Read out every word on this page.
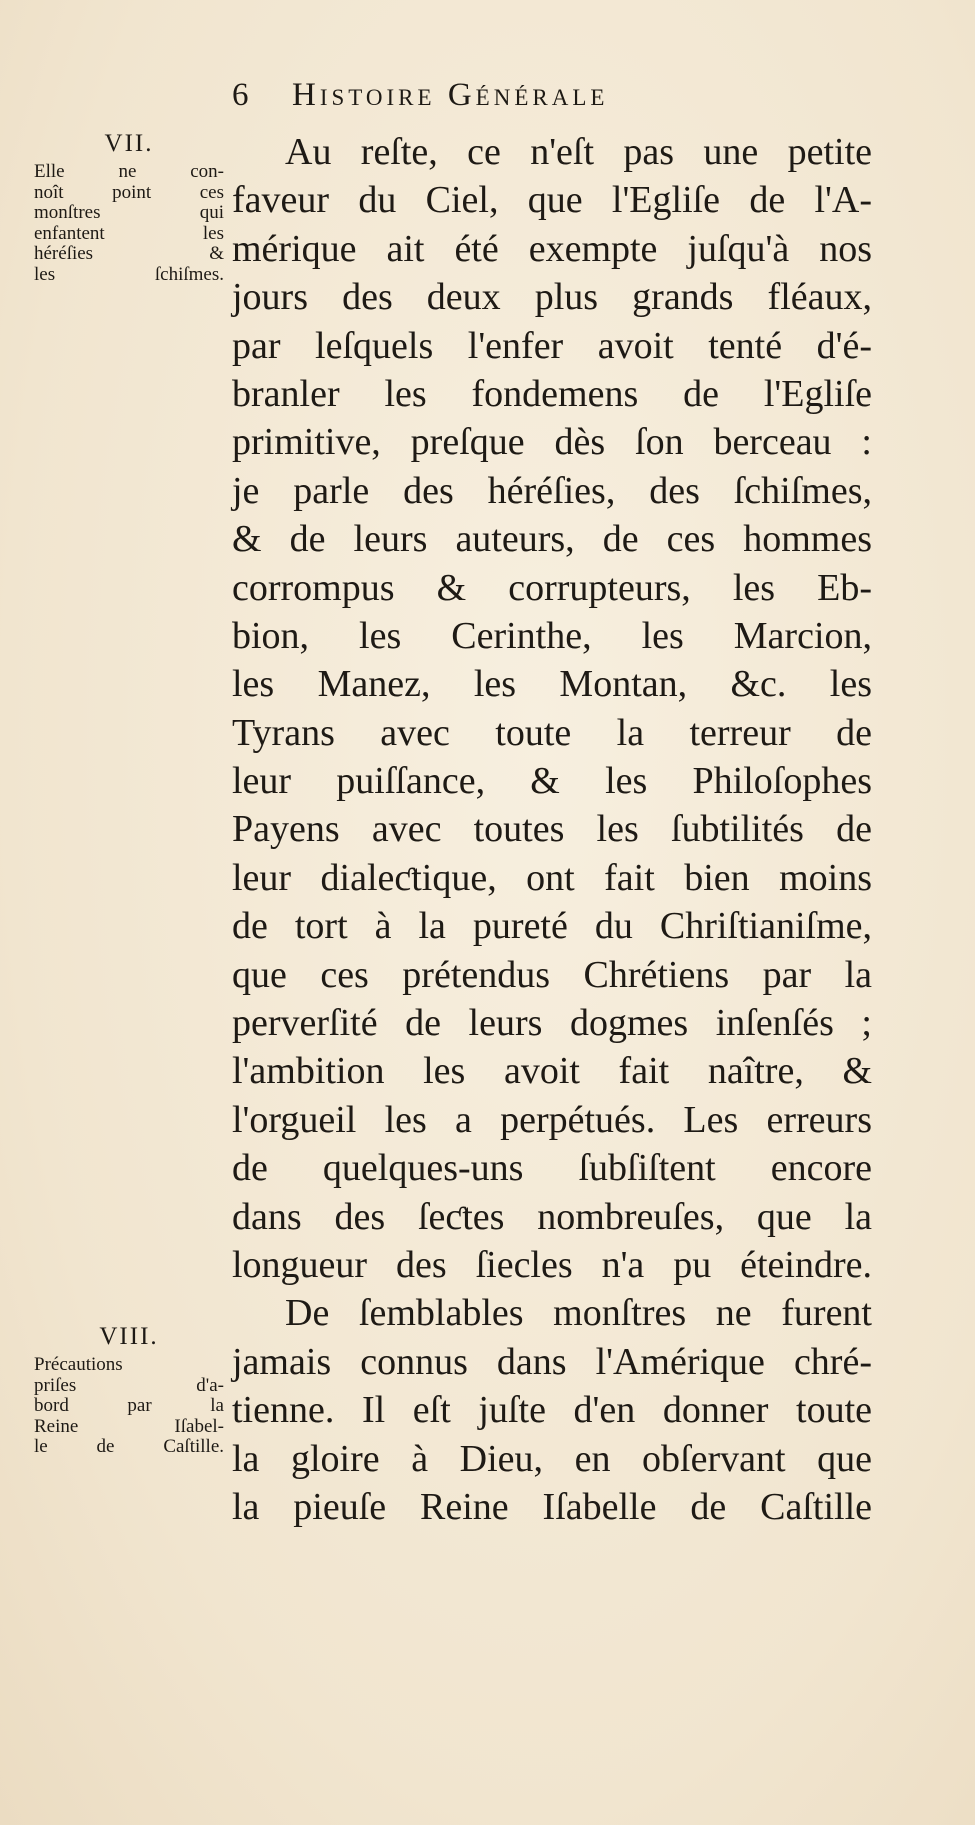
6 Histoire Générale
VII.
Elle ne con-
noît point ces
monſtres qui
enfantent les
héréſies &
les ſchiſmes.
VIII.
Précautions
priſes d'a-
bord par la
Reine Iſabel-
le de Caſtille.
Au reſte, ce n'eſt pas une petite
faveur du Ciel, que l'Egliſe de l'A-
mérique ait été exempte juſqu'à nos
jours des deux plus grands fléaux,
par leſquels l'enfer avoit tenté d'é-
branler les fondemens de l'Egliſe
primitive, preſque dès ſon berceau :
je parle des héréſies, des ſchiſmes,
& de leurs auteurs, de ces hommes
corrompus & corrupteurs, les Eb-
bion, les Cerinthe, les Marcion,
les Manez, les Montan, &c. les
Tyrans avec toute la terreur de
leur puiſſance, & les Philoſophes
Payens avec toutes les ſubtilités de
leur dialeƈtique, ont fait bien moins
de tort à la pureté du Chriſtianiſme,
que ces prétendus Chrétiens par la
perverſité de leurs dogmes inſenſés ;
l'ambition les avoit fait naître, &
l'orgueil les a perpétués. Les erreurs
de quelques-uns ſubſiſtent encore
dans des ſeƈtes nombreuſes, que la
longueur des ſiecles n'a pu éteindre.
De ſemblables monſtres ne furent
jamais connus dans l'Amérique chré-
tienne. Il eſt juſte d'en donner toute
la gloire à Dieu, en obſervant que
la pieuſe Reine Iſabelle de Caſtille
